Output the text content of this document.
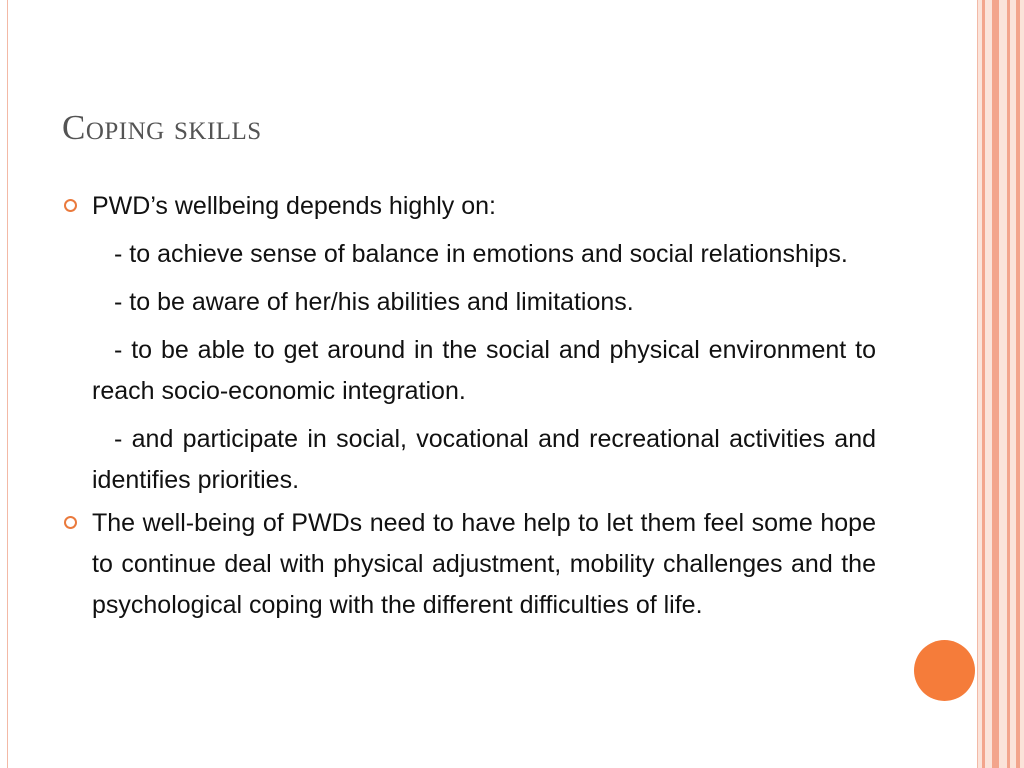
Coping skills

PWD’s wellbeing depends highly on:

- to achieve sense of balance in emotions and social relationships.

- to be aware of her/his abilities and limitations.

- to be able to get around in the social and physical environment to reach socio-economic integration.

- and participate in social, vocational and recreational activities and identifies priorities.

The well-being of PWDs need to have help to let them feel some hope to continue deal with physical adjustment, mobility challenges and the psychological coping with the different difficulties of life.
